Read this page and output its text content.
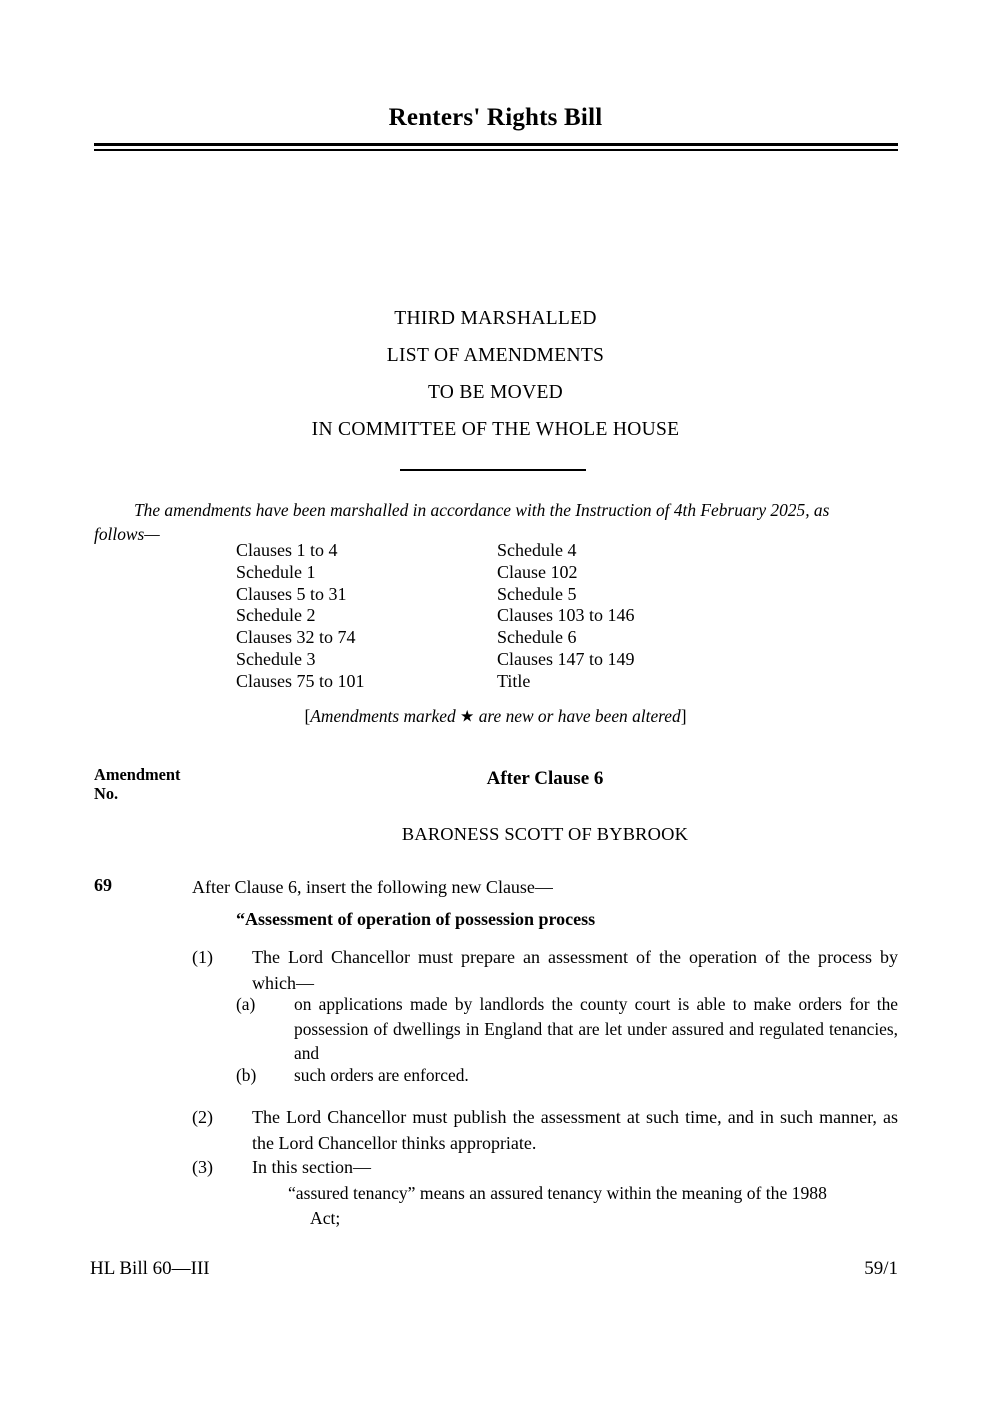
Renters' Rights Bill
THIRD MARSHALLED
LIST OF AMENDMENTS
TO BE MOVED
IN COMMITTEE OF THE WHOLE HOUSE
The amendments have been marshalled in accordance with the Instruction of 4th February 2025, as
follows—
Clauses 1 to 4	Schedule 4
Schedule 1	Clause 102
Clauses 5 to 31	Schedule 5
Schedule 2	Clauses 103 to 146
Clauses 32 to 74	Schedule 6
Schedule 3	Clauses 147 to 149
Clauses 75 to 101	Title
[Amendments marked ★ are new or have been altered]
Amendment
No.
After Clause 6
BARONESS SCOTT OF BYBROOK
69	After Clause 6, insert the following new Clause—
“Assessment of operation of possession process
(1)	The Lord Chancellor must prepare an assessment of the operation of the process by which—
(a)	on applications made by landlords the county court is able to make orders for the possession of dwellings in England that are let under assured and regulated tenancies, and
(b)	such orders are enforced.
(2)	The Lord Chancellor must publish the assessment at such time, and in such manner, as the Lord Chancellor thinks appropriate.
(3)	In this section—
“assured tenancy” means an assured tenancy within the meaning of the 1988
Act;
HL Bill 60—III	59/1
